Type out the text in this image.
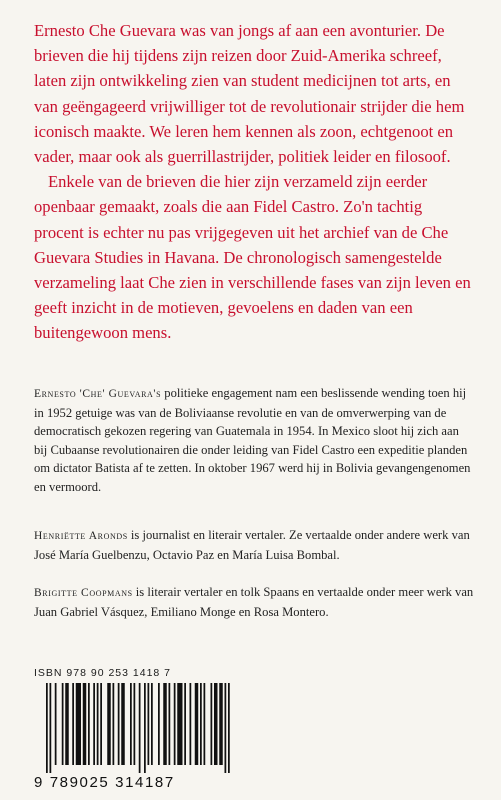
Ernesto Che Guevara was van jongs af aan een avonturier. De brieven die hij tijdens zijn reizen door Zuid-Amerika schreef, laten zijn ontwikkeling zien van student medicijnen tot arts, en van geëngageerd vrijwilliger tot de revolutionair strijder die hem iconisch maakte. We leren hem kennen als zoon, echtgenoot en vader, maar ook als guerrillastrijder, politiek leider en filosoof.

Enkele van de brieven die hier zijn verzameld zijn eerder openbaar gemaakt, zoals die aan Fidel Castro. Zo'n tachtig procent is echter nu pas vrijgegeven uit het archief van de Che Guevara Studies in Havana. De chronologisch samengestelde verzameling laat Che zien in verschillende fases van zijn leven en geeft inzicht in de motieven, gevoelens en daden van een buitengewoon mens.

Ernesto 'Che' Guevara's politieke engagement nam een beslissende wending toen hij in 1952 getuige was van de Boliviaanse revolutie en van de omverwerping van de democratisch gekozen regering van Guatemala in 1954. In Mexico sloot hij zich aan bij Cubaanse revolutionairen die onder leiding van Fidel Castro een expeditie planden om dictator Batista af te zetten. In oktober 1967 werd hij in Bolivia gevangengenomen en vermoord.

Henriëtte Aronds is journalist en literair vertaler. Ze vertaalde onder andere werk van José María Guelbenzu, Octavio Paz en María Luisa Bombal.

Brigitte Coopmans is literair vertaler en tolk Spaans en vertaalde onder meer werk van Juan Gabriel Vásquez, Emiliano Monge en Rosa Montero.

ISBN 978 90 253 1418 7
9 789025 314187
